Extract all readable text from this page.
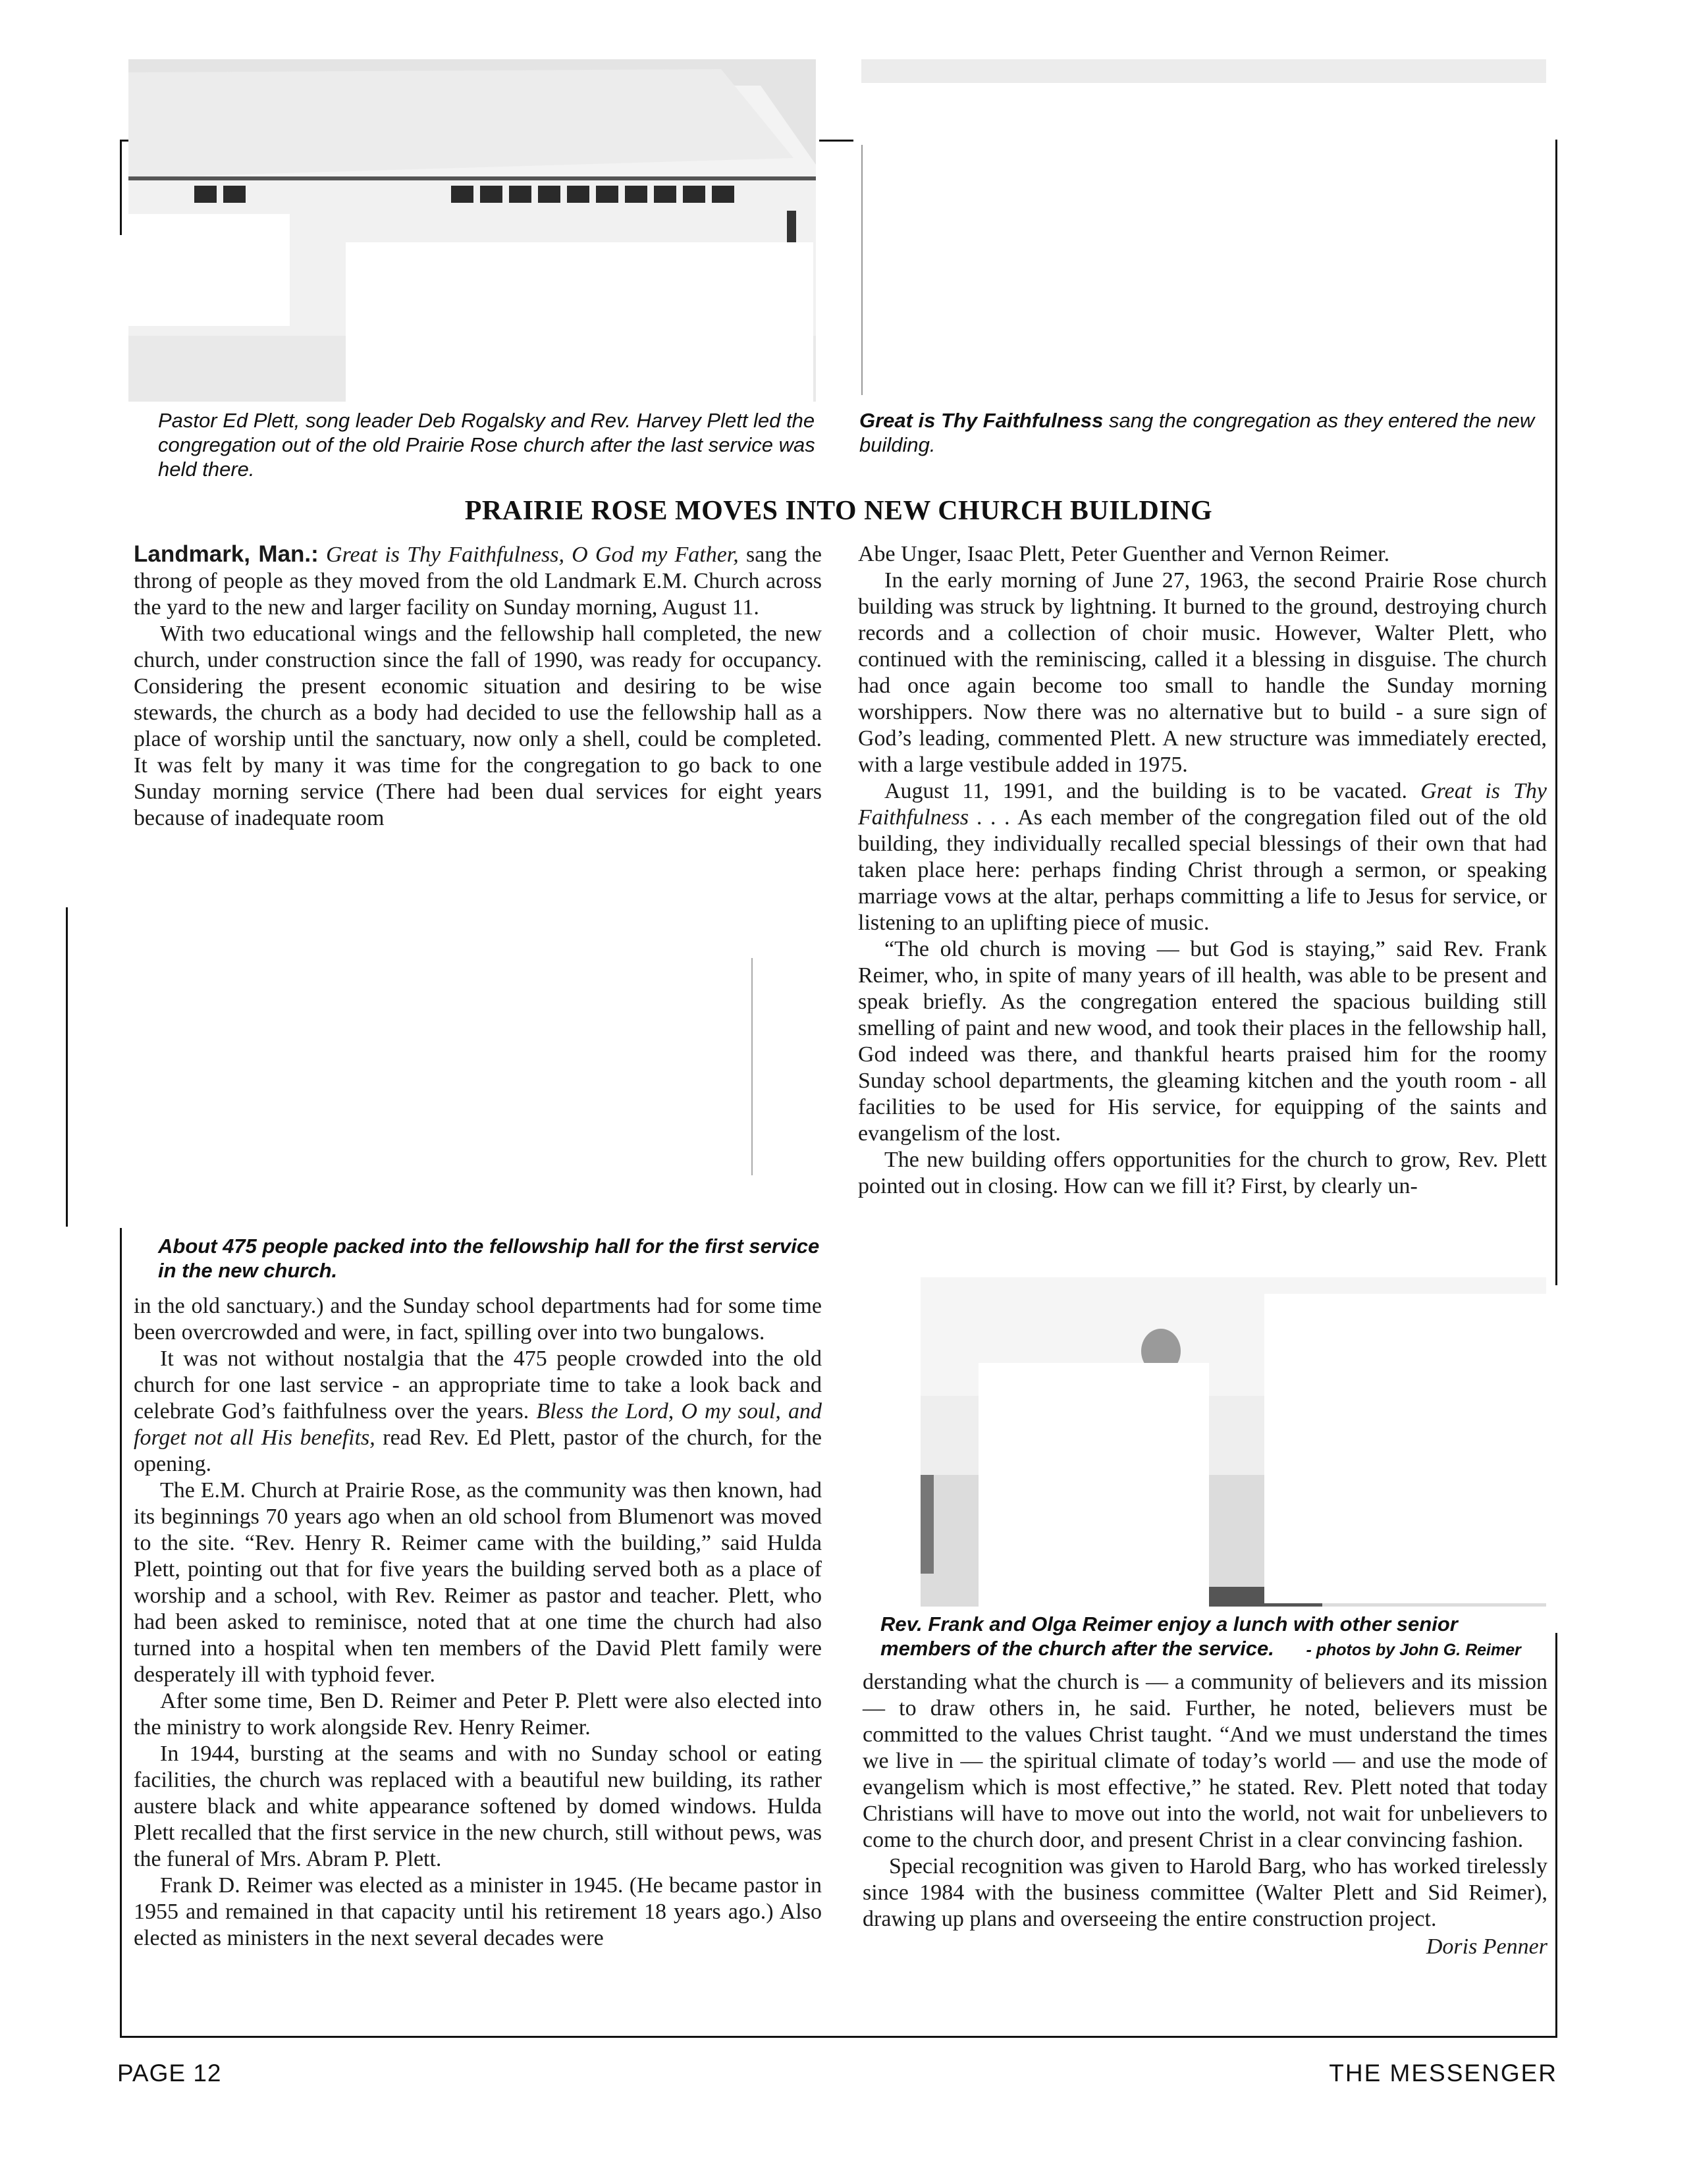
Pastor Ed Plett, song leader Deb Rogalsky and Rev. Harvey Plett led the congregation out of the old Prairie Rose church after the last service was held there.
Great is Thy Faithfulness sang the congregation as they entered the new building.
PRAIRIE ROSE MOVES INTO NEW CHURCH BUILDING

Landmark, Man.: Great is Thy Faithfulness, O God my Father, sang the throng of people as they moved from the old Landmark E.M. Church across the yard to the new and larger facility on Sunday morning, August 11.

With two educational wings and the fellowship hall completed, the new church, under construction since the fall of 1990, was ready for occupancy. Considering the present economic situation and desiring to be wise stewards, the church as a body had decided to use the fellowship hall as a place of worship until the sanctuary, now only a shell, could be completed. It was felt by many it was time for the congregation to go back to one Sunday morning service (There had been dual services for eight years because of inadequate room

About 475 people packed into the fellowship hall for the first service in the new church.

in the old sanctuary.) and the Sunday school departments had for some time been overcrowded and were, in fact, spilling over into two bungalows.

It was not without nostalgia that the 475 people crowded into the old church for one last service - an appropriate time to take a look back and celebrate God’s faithfulness over the years. Bless the Lord, O my soul, and forget not all His benefits, read Rev. Ed Plett, pastor of the church, for the opening.

The E.M. Church at Prairie Rose, as the community was then known, had its beginnings 70 years ago when an old school from Blumenort was moved to the site. “Rev. Henry R. Reimer came with the building,” said Hulda Plett, pointing out that for five years the building served both as a place of worship and a school, with Rev. Reimer as pastor and teacher. Plett, who had been asked to reminisce, noted that at one time the church had also turned into a hospital when ten members of the David Plett family were desperately ill with typhoid fever.

After some time, Ben D. Reimer and Peter P. Plett were also elected into the ministry to work alongside Rev. Henry Reimer.

In 1944, bursting at the seams and with no Sunday school or eating facilities, the church was replaced with a beautiful new building, its rather austere black and white appearance softened by domed windows. Hulda Plett recalled that the first service in the new church, still without pews, was the funeral of Mrs. Abram P. Plett.

Frank D. Reimer was elected as a minister in 1945. (He became pastor in 1955 and remained in that capacity until his retirement 18 years ago.) Also elected as ministers in the next several decades were

Abe Unger, Isaac Plett, Peter Guenther and Vernon Reimer.

In the early morning of June 27, 1963, the second Prairie Rose church building was struck by lightning. It burned to the ground, destroying church records and a collection of choir music. However, Walter Plett, who continued with the reminiscing, called it a blessing in disguise. The church had once again become too small to handle the Sunday morning worshippers. Now there was no alternative but to build - a sure sign of God’s leading, commented Plett. A new structure was immediately erected, with a large vestibule added in 1975.

August 11, 1991, and the building is to be vacated. Great is Thy Faithfulness . . . As each member of the congregation filed out of the old building, they individually recalled special blessings of their own that had taken place here: perhaps finding Christ through a sermon, or speaking marriage vows at the altar, perhaps committing a life to Jesus for service, or listening to an uplifting piece of music.

“The old church is moving — but God is staying,” said Rev. Frank Reimer, who, in spite of many years of ill health, was able to be present and speak briefly. As the congregation entered the spacious building still smelling of paint and new wood, and took their places in the fellowship hall, God indeed was there, and thankful hearts praised him for the roomy Sunday school departments, the gleaming kitchen and the youth room - all facilities to be used for His service, for equipping of the saints and evangelism of the lost.

The new building offers opportunities for the church to grow, Rev. Plett pointed out in closing. How can we fill it? First, by clearly un-

Rev. Frank and Olga Reimer enjoy a lunch with other senior members of the church after the service. - photos by John G. Reimer

derstanding what the church is — a community of believers and its mission — to draw others in, he said. Further, he noted, believers must be committed to the values Christ taught. “And we must understand the times we live in — the spiritual climate of today’s world — and use the mode of evangelism which is most effective,” he stated. Rev. Plett noted that today Christians will have to move out into the world, not wait for unbelievers to come to the church door, and present Christ in a clear convincing fashion.

Special recognition was given to Harold Barg, who has worked tirelessly since 1984 with the business committee (Walter Plett and Sid Reimer), drawing up plans and overseeing the entire construction project.

Doris Penner

PAGE 12	THE MESSENGER
